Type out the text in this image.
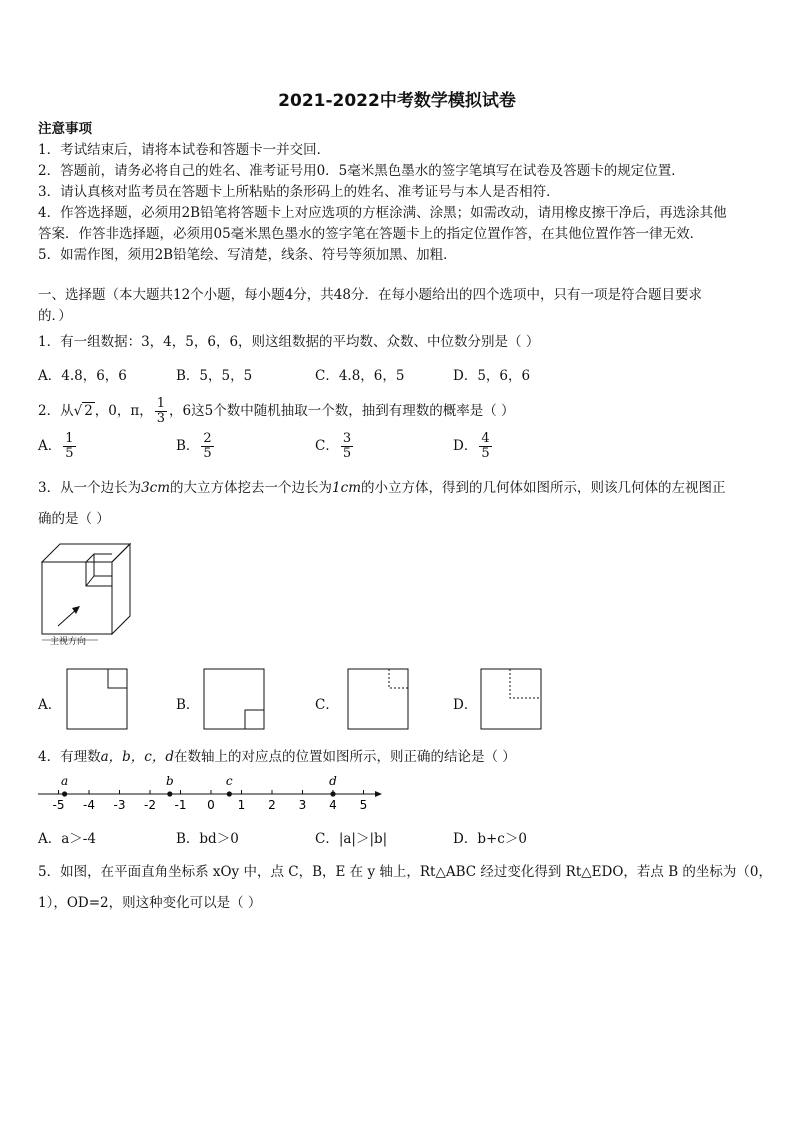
2021-2022中考数学模拟试卷
注意事项
1．考试结束后，请将本试卷和答题卡一并交回．
2．答题前，请务必将自己的姓名、准考证号用0．5毫米黑色墨水的签字笔填写在试卷及答题卡的规定位置．
3．请认真核对监考员在答题卡上所粘贴的条形码上的姓名、准考证号与本人是否相符．
4．作答选择题，必须用2B铅笔将答题卡上对应选项的方框涂满、涂黑；如需改动，请用橡皮擦干净后，再选涂其他
答案．作答非选择题，必须用05毫米黑色墨水的签字笔在答题卡上的指定位置作答，在其他位置作答一律无效．
5．如需作图，须用2B铅笔绘、写清楚，线条、符号等须加黑、加粗．
一、选择题（本大题共12个小题，每小题4分，共48分．在每小题给出的四个选项中，只有一项是符合题目要求
的．）
1．有一组数据：3，4，5，6，6，则这组数据的平均数、众数、中位数分别是（ ）
A．4.8，6，6	B．5，5，5	C．4.8，6，5	D．5，6，6
2．从√ 2 ，0，π， $\frac{1}{3}$ ，6这5个数中随机抽取一个数，抽到有理数的概率是（ ）
A． $\frac{1}{5}$	B． $\frac{2}{5}$	C． $\frac{3}{5}$	D． $\frac{4}{5}$
3．从一个边长为3cm的大立方体挖去一个边长为1cm的小立方体，得到的几何体如图所示，则该几何体的左视图正
确的是（ ）
主视方向
A．	B．	C．	D．
4．有理数a，b，c，d在数轴上的对应点的位置如图所示，则正确的结论是（ ）
-5 -4 -3 -2 -1 0 1 2 3 4 5
a	b	c	d
A．a＞-4	B．bd＞0	C．|a|＞|b|	D．b+c＞0
5．如图，在平面直角坐标系 xOy 中，点 C，B，E 在 y 轴上，Rt△ABC 经过变化得到 Rt△EDO，若点 B 的坐标为（0，
1），OD=2，则这种变化可以是（ ）
